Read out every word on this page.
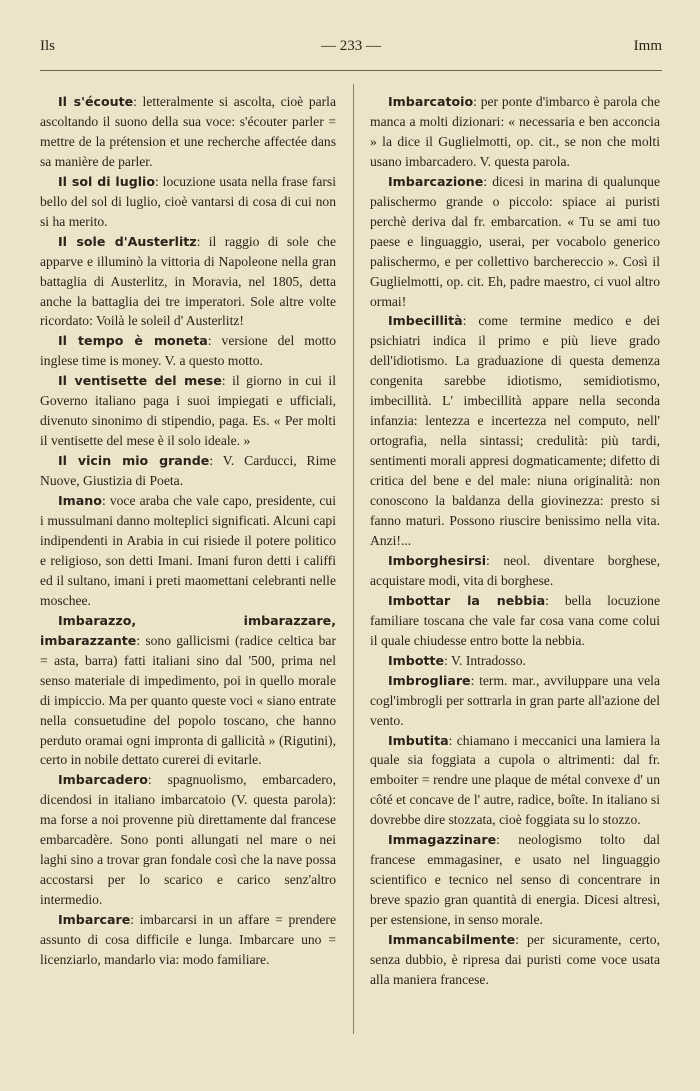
Ils	— 233 —	Imm

Il s'écoute: letteralmente si ascolta, cioè parla ascoltando il suono della sua voce: s'écouter parler = mettre de la prétension et une recherche affectée dans sa manière de parler.

Il sol di luglio: locuzione usata nella frase farsi bello del sol di luglio, cioè vantarsi di cosa di cui non si ha merito.

Il sole d'Austerlitz: il raggio di sole che apparve e illuminò la vittoria di Napoleone nella gran battaglia di Austerlitz, in Moravia, nel 1805, detta anche la battaglia dei tre imperatori. Sole altre volte ricordato: Voilà le soleil d' Austerlitz!

Il tempo è moneta: versione del motto inglese time is money. V. a questo motto.

Il ventisette del mese: il giorno in cui il Governo italiano paga i suoi impiegati e ufficiali, divenuto sinonimo di stipendio, paga. Es. « Per molti il ventisette del mese è il solo ideale. »

Il vicin mio grande: V. Carducci, Rime Nuove, Giustizia di Poeta.

Imano: voce araba che vale capo, presidente, cui i mussulmani danno molteplici significati. Alcuni capi indipendenti in Arabia in cui risiede il potere politico e religioso, son detti Imani. Imani furon detti i califfi ed il sultano, imani i preti maomettani celebranti nelle moschee.

Imbarazzo, imbarazzare, imbarazzante: sono gallicismi (radice celtica bar = asta, barra) fatti italiani sino dal '500, prima nel senso materiale di impedimento, poi in quello morale di impiccio. Ma per quanto queste voci « siano entrate nella consuetudine del popolo toscano, che hanno perduto oramai ogni impronta di gallicità » (Rigutini), certo in nobile dettato curerei di evitarle.

Imbarcadero: spagnuolismo, embarcadero, dicendosi in italiano imbarcatoio (V. questa parola): ma forse a noi provenne più direttamente dal francese embarcadère. Sono ponti allungati nel mare o nei laghi sino a trovar gran fondale così che la nave possa accostarsi per lo scarico e carico senz'altro intermedio.

Imbarcare: imbarcarsi in un affare = prendere assunto di cosa difficile e lunga. Imbarcare uno = licenziarlo, mandarlo via: modo familiare.

Imbarcatoio: per ponte d'imbarco è parola che manca a molti dizionari: « necessaria e ben acconcia » la dice il Guglielmotti, op. cit., se non che molti usano imbarcadero. V. questa parola.

Imbarcazione: dicesi in marina di qualunque palischermo grande o piccolo: spiace ai puristi perchè deriva dal fr. embarcation. « Tu se ami tuo paese e linguaggio, userai, per vocabolo generico palischermo, e per collettivo barchereccio ». Così il Guglielmotti, op. cit. Eh, padre maestro, ci vuol altro ormai!

Imbecillità: come termine medico e dei psichiatri indica il primo e più lieve grado dell'idiotismo. La graduazione di questa demenza congenita sarebbe idiotismo, semidiotismo, imbecillità. L' imbecillità appare nella seconda infanzia: lentezza e incertezza nel computo, nell' ortografia, nella sintassi; credulità: più tardi, sentimenti morali appresi dogmaticamente; difetto di critica del bene e del male: niuna originalità: non conoscono la baldanza della giovinezza: presto si fanno maturi. Possono riuscire benissimo nella vita. Anzi!...

Imborghesirsi: neol. diventare borghese, acquistare modi, vita di borghese.

Imbottar la nebbia: bella locuzione familiare toscana che vale far cosa vana come colui il quale chiudesse entro botte la nebbia.

Imbotte: V. Intradosso.

Imbrogliare: term. mar., avviluppare una vela cogl'imbrogli per sottrarla in gran parte all'azione del vento.

Imbutita: chiamano i meccanici una lamiera la quale sia foggiata a cupola o altrimenti: dal fr. emboiter = rendre une plaque de métal convexe d' un côté et concave de l' autre, radice, boîte. In italiano si dovrebbe dire stozzata, cioè foggiata su lo stozzo.

Immagazzinare: neologismo tolto dal francese emmagasiner, e usato nel linguaggio scientifico e tecnico nel senso di concentrare in breve spazio gran quantità di energia. Dicesi altresì, per estensione, in senso morale.

Immancabilmente: per sicuramente, certo, senza dubbio, è ripresa dai puristi come voce usata alla maniera francese.
